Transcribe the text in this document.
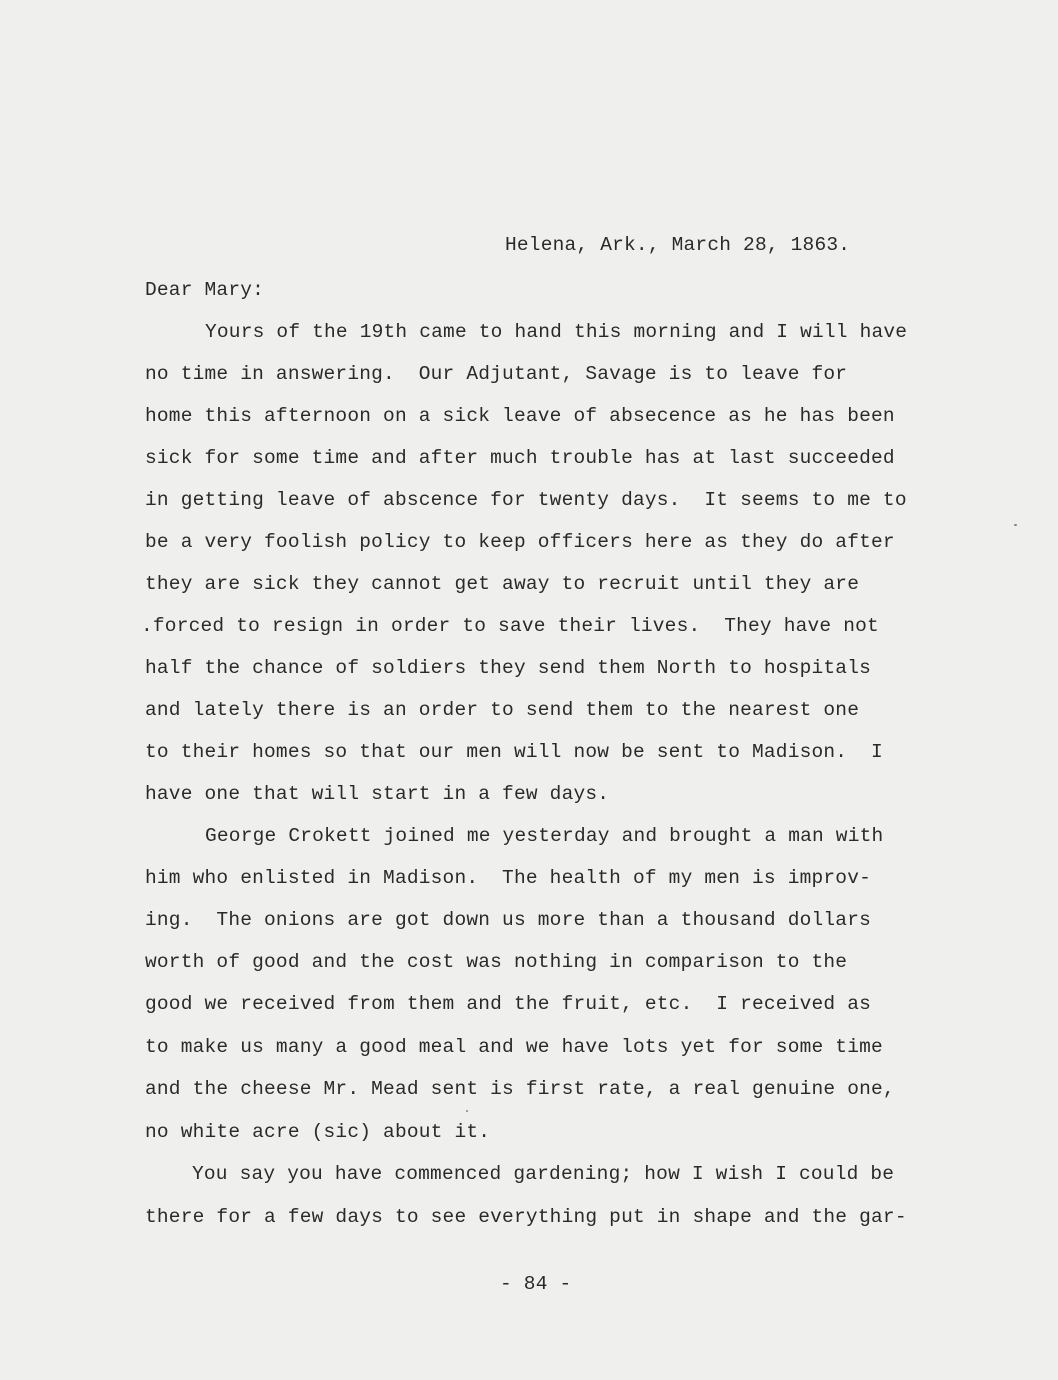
Helena, Ark., March 28, 1863.
Dear Mary:
Yours of the 19th came to hand this morning and I will have
no time in answering.  Our Adjutant, Savage is to leave for
home this afternoon on a sick leave of absecence as he has been
sick for some time and after much trouble has at last succeeded
in getting leave of abscence for twenty days.  It seems to me to
be a very foolish policy to keep officers here as they do after
they are sick they cannot get away to recruit until they are
.forced to resign in order to save their lives.  They have not
half the chance of soldiers they send them North to hospitals
and lately there is an order to send them to the nearest one
to their homes so that our men will now be sent to Madison.  I
have one that will start in a few days.
George Crokett joined me yesterday and brought a man with
him who enlisted in Madison.  The health of my men is improv-
ing.  The onions are got down us more than a thousand dollars
worth of good and the cost was nothing in comparison to the
good we received from them and the fruit, etc.  I received as
to make us many a good meal and we have lots yet for some time
and the cheese Mr. Mead sent is first rate, a real genuine one,
no white acre (sic) about it.
You say you have commenced gardening; how I wish I could be
there for a few days to see everything put in shape and the gar-
- 84 -
